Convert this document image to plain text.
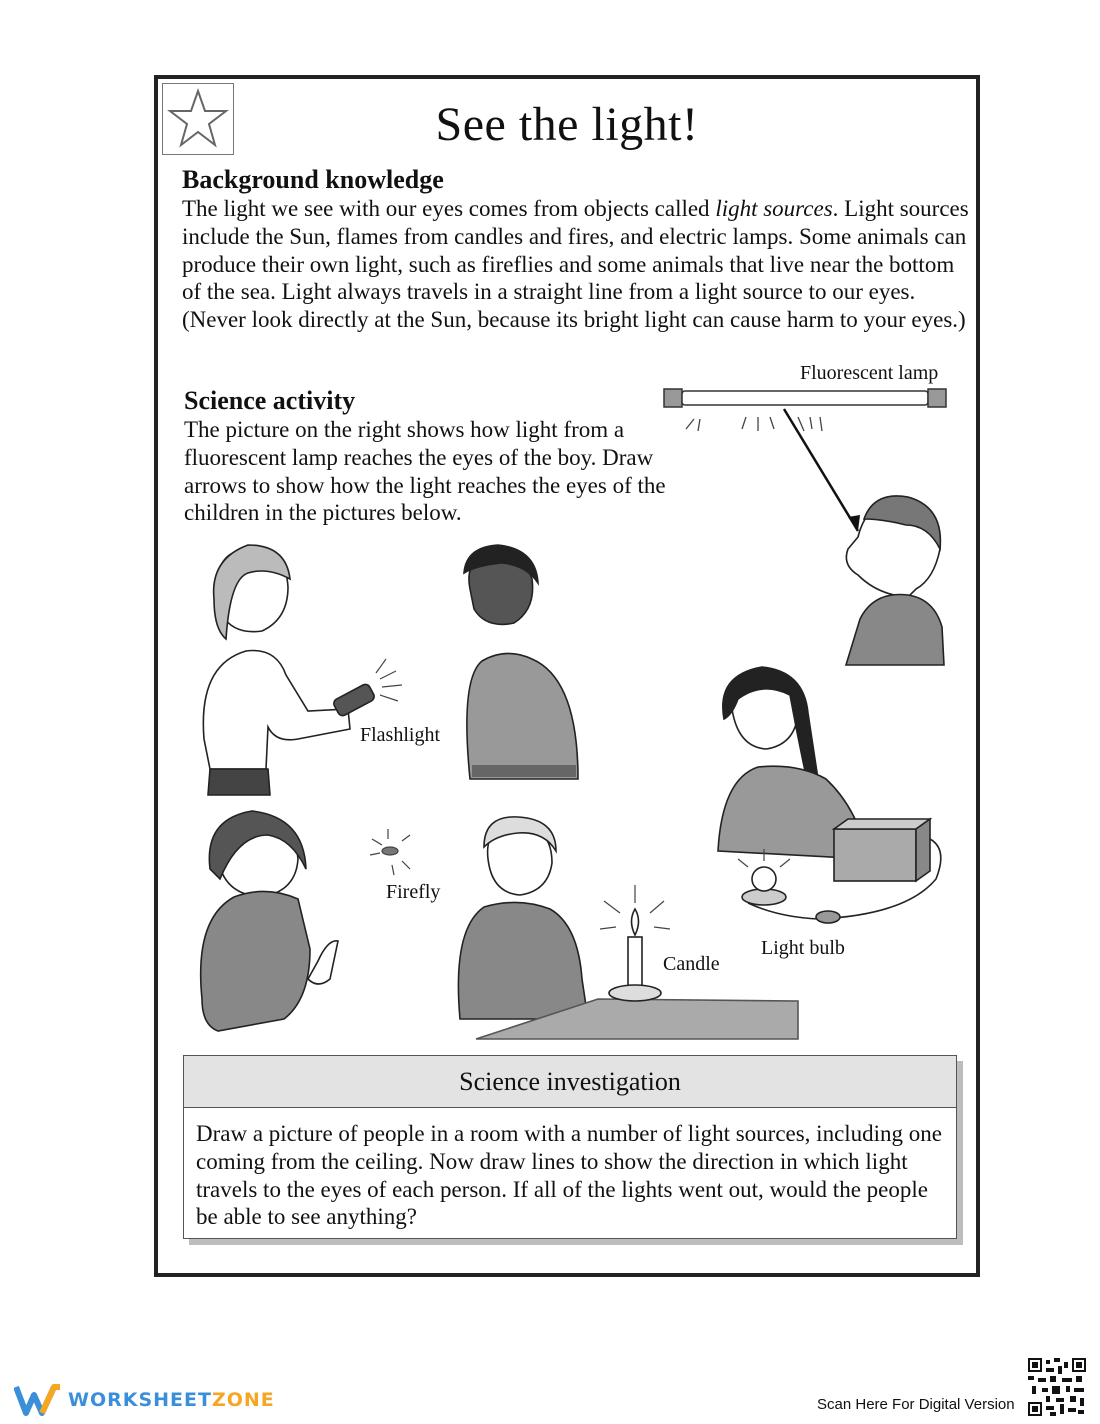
See the light!
Background knowledge

The light we see with our eyes comes from objects called light sources. Light sources include the Sun, flames from candles and fires, and electric lamps. Some animals can produce their own light, such as fireflies and some animals that live near the bottom of the sea. Light always travels in a straight line from a light source to our eyes. (Never look directly at the Sun, because its bright light can cause harm to your eyes.)

Science activity

The picture on the right shows how light from a fluorescent lamp reaches the eyes of the boy. Draw arrows to show how the light reaches the eyes of the children in the pictures below.

Fluorescent lamp
Flashlight
Firefly
Candle
Light bulb
Science investigation
Draw a picture of people in a room with a number of light sources, including one coming from the ceiling. Now draw lines to show the direction in which light travels to the eyes of each person. If all of the lights went out, would the people be able to see anything?
WORKSHEETZONE	Scan Here For Digital Version
